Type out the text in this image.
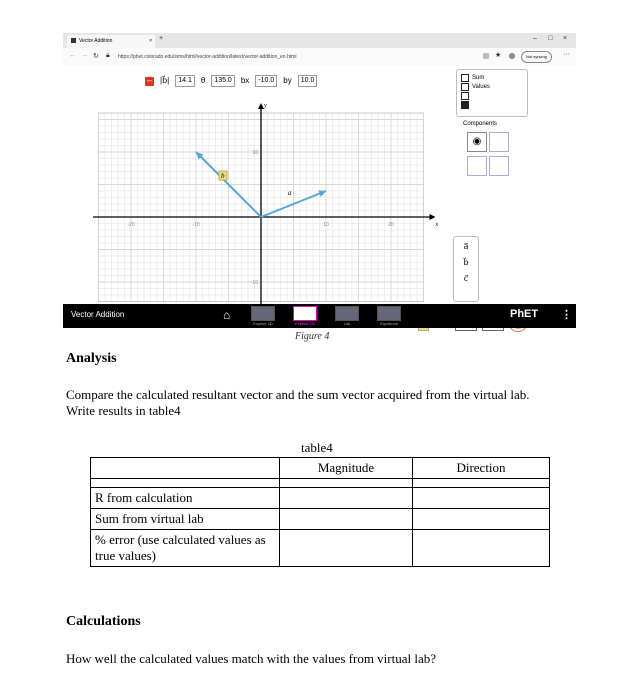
Vector Addition	× +	– □ ×
← → ↻ 🔒︎ https://phet.colorado.edu/sims/html/vector-addition/latest/vector-addition_en.html	★	Not syncing	···
– |b⃗|	14.1	θ	135.0	bx	-10.0	by	10.0
x
y
-20	-10	10	20
10
-10
a⃗
b⃗
Sum
Values
Components
◉
a⃗
b⃗
c⃗
Vector Addition	⌂
Explore 1D	Explore 2D	Lab	Equations
PhET ⋮
Figure 4
Analysis
Compare the calculated resultant vector and the sum vector acquired from the virtual lab. Write results in table4
table4
	Magnitude	Direction

R from calculation		
Sum from virtual lab		
% error (use calculated values as true values)		
Calculations
How well the calculated values match with the values from virtual lab?
